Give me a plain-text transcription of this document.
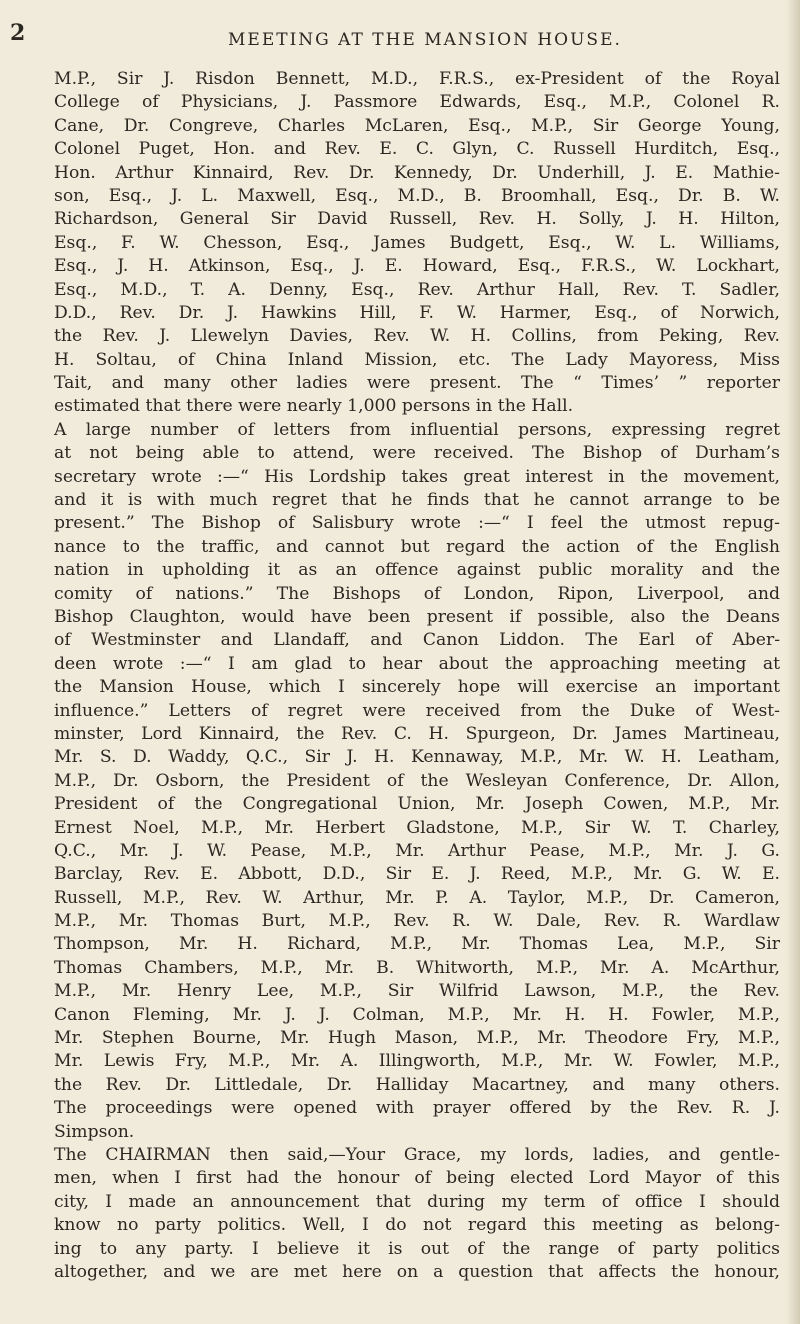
2	MEETING AT THE MANSION HOUSE.
M.P., Sir J. Risdon Bennett, M.D., F.R.S., ex-President of the Royal
College of Physicians, J. Passmore Edwards, Esq., M.P., Colonel R.
Cane, Dr. Congreve, Charles McLaren, Esq., M.P., Sir George Young,
Colonel Puget, Hon. and Rev. E. C. Glyn, C. Russell Hurditch, Esq.,
Hon. Arthur Kinnaird, Rev. Dr. Kennedy, Dr. Underhill, J. E. Mathie-
son, Esq., J. L. Maxwell, Esq., M.D., B. Broomhall, Esq., Dr. B. W.
Richardson, General Sir David Russell, Rev. H. Solly, J. H. Hilton,
Esq., F. W. Chesson, Esq., James Budgett, Esq., W. L. Williams,
Esq., J. H. Atkinson, Esq., J. E. Howard, Esq., F.R.S., W. Lockhart,
Esq., M.D., T. A. Denny, Esq., Rev. Arthur Hall, Rev. T. Sadler,
D.D., Rev. Dr. J. Hawkins Hill, F. W. Harmer, Esq., of Norwich,
the Rev. J. Llewelyn Davies, Rev. W. H. Collins, from Peking, Rev.
H. Soltau, of China Inland Mission, etc. The Lady Mayoress, Miss
Tait, and many other ladies were present. The “ Times’ ” reporter
estimated that there were nearly 1,000 persons in the Hall.
A large number of letters from influential persons, expressing regret
at not being able to attend, were received. The Bishop of Durham’s
secretary wrote :—“ His Lordship takes great interest in the movement,
and it is with much regret that he finds that he cannot arrange to be
present.” The Bishop of Salisbury wrote :—“ I feel the utmost repug-
nance to the traffic, and cannot but regard the action of the English
nation in upholding it as an offence against public morality and the
comity of nations.” The Bishops of London, Ripon, Liverpool, and
Bishop Claughton, would have been present if possible, also the Deans
of Westminster and Llandaff, and Canon Liddon. The Earl of Aber-
deen wrote :—“ I am glad to hear about the approaching meeting at
the Mansion House, which I sincerely hope will exercise an important
influence.” Letters of regret were received from the Duke of West-
minster, Lord Kinnaird, the Rev. C. H. Spurgeon, Dr. James Martineau,
Mr. S. D. Waddy, Q.C., Sir J. H. Kennaway, M.P., Mr. W. H. Leatham,
M.P., Dr. Osborn, the President of the Wesleyan Conference, Dr. Allon,
President of the Congregational Union, Mr. Joseph Cowen, M.P., Mr.
Ernest Noel, M.P., Mr. Herbert Gladstone, M.P., Sir W. T. Charley,
Q.C., Mr. J. W. Pease, M.P., Mr. Arthur Pease, M.P., Mr. J. G.
Barclay, Rev. E. Abbott, D.D., Sir E. J. Reed, M.P., Mr. G. W. E.
Russell, M.P., Rev. W. Arthur, Mr. P. A. Taylor, M.P., Dr. Cameron,
M.P., Mr. Thomas Burt, M.P., Rev. R. W. Dale, Rev. R. Wardlaw
Thompson, Mr. H. Richard, M.P., Mr. Thomas Lea, M.P., Sir
Thomas Chambers, M.P., Mr. B. Whitworth, M.P., Mr. A. McArthur,
M.P., Mr. Henry Lee, M.P., Sir Wilfrid Lawson, M.P., the Rev.
Canon Fleming, Mr. J. J. Colman, M.P., Mr. H. H. Fowler, M.P.,
Mr. Stephen Bourne, Mr. Hugh Mason, M.P., Mr. Theodore Fry, M.P.,
Mr. Lewis Fry, M.P., Mr. A. Illingworth, M.P., Mr. W. Fowler, M.P.,
the Rev. Dr. Littledale, Dr. Halliday Macartney, and many others.
The proceedings were opened with prayer offered by the Rev. R. J.
Simpson.
The CHAIRMAN then said,—Your Grace, my lords, ladies, and gentle-
men, when I first had the honour of being elected Lord Mayor of this
city, I made an announcement that during my term of office I should
know no party politics. Well, I do not regard this meeting as belong-
ing to any party. I believe it is out of the range of party politics
altogether, and we are met here on a question that affects the honour,
